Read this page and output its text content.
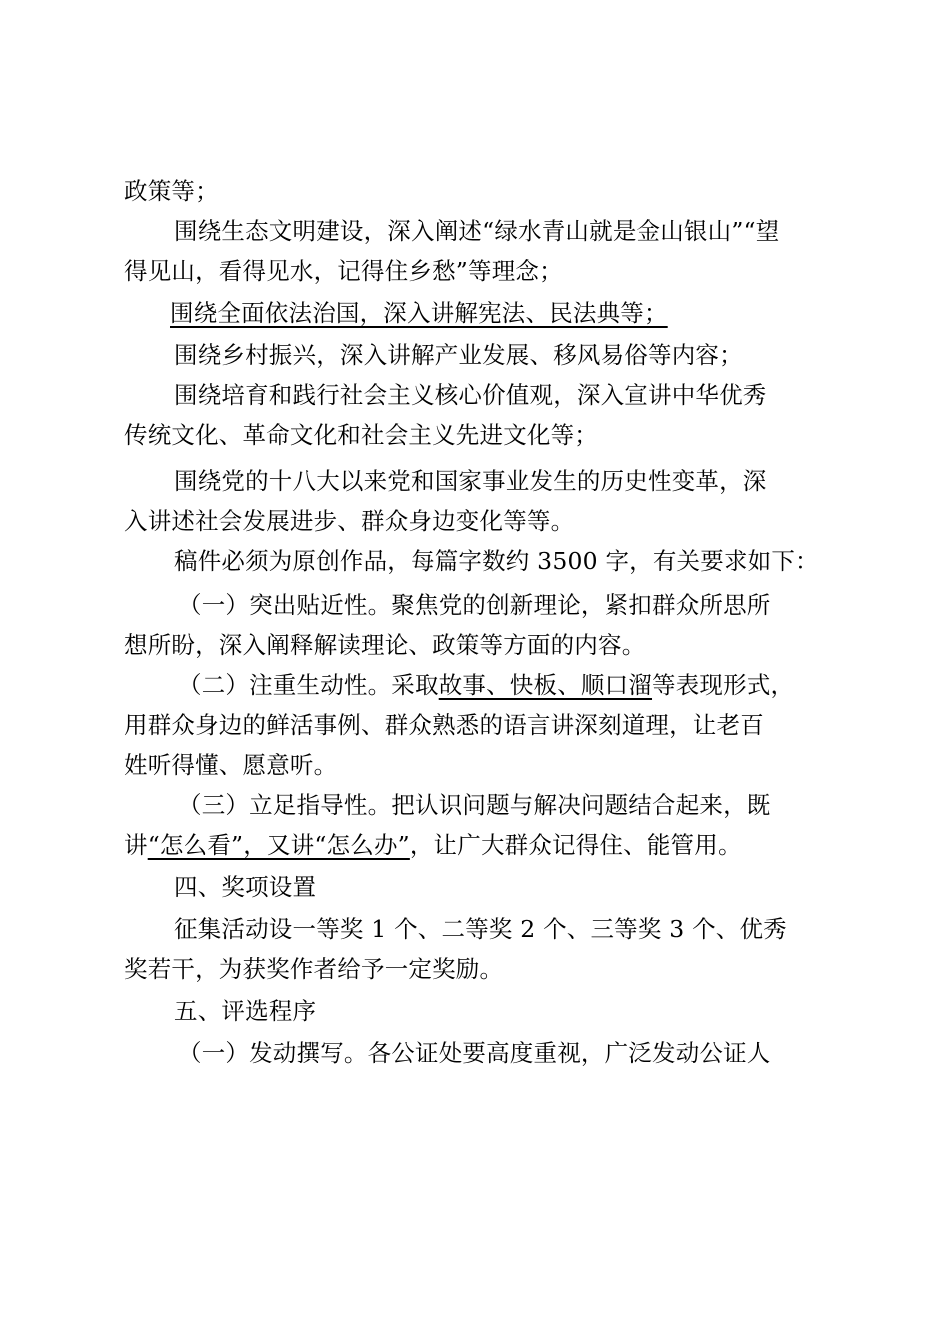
政策等；
围绕生态文明建设，深入阐述“绿水青山就是金山银山”“望
得见山，看得见水，记得住乡愁”等理念；
围绕全面依法治国，深入讲解宪法、民法典等；
围绕乡村振兴，深入讲解产业发展、移风易俗等内容；
围绕培育和践行社会主义核心价值观，深入宣讲中华优秀
传统文化、革命文化和社会主义先进文化等；
围绕党的十八大以来党和国家事业发生的历史性变革，深
入讲述社会发展进步、群众身边变化等等。
稿件必须为原创作品，每篇字数约 3500 字，有关要求如下：
（一）突出贴近性。聚焦党的创新理论，紧扣群众所思所
想所盼，深入阐释解读理论、政策等方面的内容。
（二）注重生动性。采取故事、快板、顺口溜等表现形式，
用群众身边的鲜活事例、群众熟悉的语言讲深刻道理，让老百
姓听得懂、愿意听。
（三）立足指导性。把认识问题与解决问题结合起来，既
讲“怎么看”，又讲“怎么办”，让广大群众记得住、能管用。
四、奖项设置
征集活动设一等奖 1 个、二等奖 2 个、三等奖 3 个、优秀
奖若干，为获奖作者给予一定奖励。
五、评选程序
（一）发动撰写。各公证处要高度重视，广泛发动公证人
